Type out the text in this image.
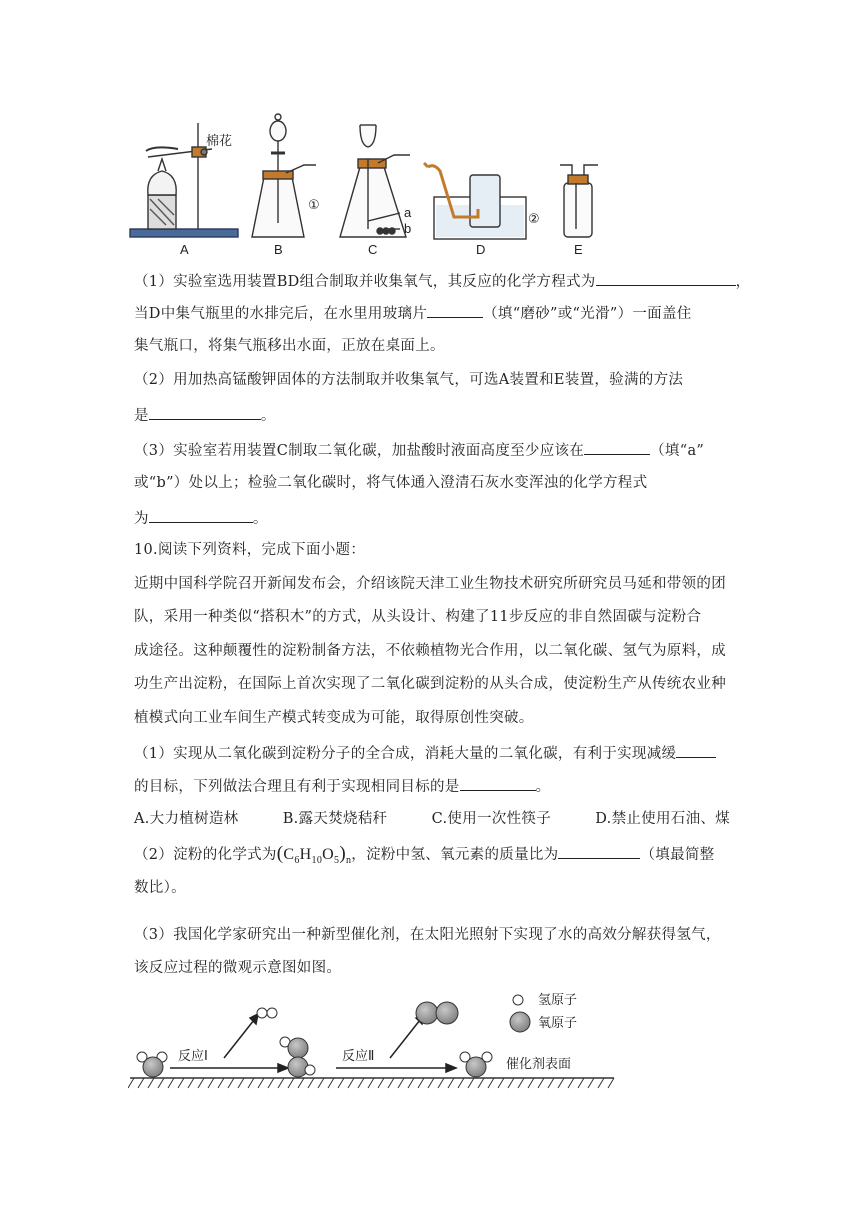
棉花
A	B	C	D	E
①
a
b
②
（1）实验室选用装置BD组合制取并收集氧气，其反应的化学方程式为	，
当D中集气瓶里的水排完后，在水里用玻璃片	（填“磨砂”或“光滑”）一面盖住
集气瓶口，将集气瓶移出水面，正放在桌面上。
（2）用加热高锰酸钾固体的方法制取并收集氧气，可选A装置和E装置，验满的方法
是	。
（3）实验室若用装置C制取二氧化碳，加盐酸时液面高度至少应该在	（填“a”
或“b”）处以上；检验二氧化碳时，将气体通入澄清石灰水变浑浊的化学方程式
为	。
10.阅读下列资料，完成下面小题：
近期中国科学院召开新闻发布会，介绍该院天津工业生物技术研究所研究员马延和带领的团
队，采用一种类似“搭积木”的方式，从头设计、构建了11步反应的非自然固碳与淀粉合
成途径。这种颠覆性的淀粉制备方法，不依赖植物光合作用，以二氧化碳、氢气为原料，成
功生产出淀粉，在国际上首次实现了二氧化碳到淀粉的从头合成，使淀粉生产从传统农业种
植模式向工业车间生产模式转变成为可能，取得原创性突破。
（1）实现从二氧化碳到淀粉分子的全合成，消耗大量的二氧化碳，有利于实现减缓
的目标，下列做法合理且有利于实现相同目标的是	。
A.大力植树造林	B.露天焚烧秸秆	C.使用一次性筷子	D.禁止使用石油、煤
（2）淀粉的化学式为$(C_6H_{10}O_5)_n$，淀粉中氢、氧元素的质量比为	（填最简整
数比）。
（3）我国化学家研究出一种新型催化剂，在太阳光照射下实现了水的高效分解获得氢气，
该反应过程的微观示意图如图。
反应Ⅰ	反应Ⅱ
氢原子
氧原子
催化剂表面
